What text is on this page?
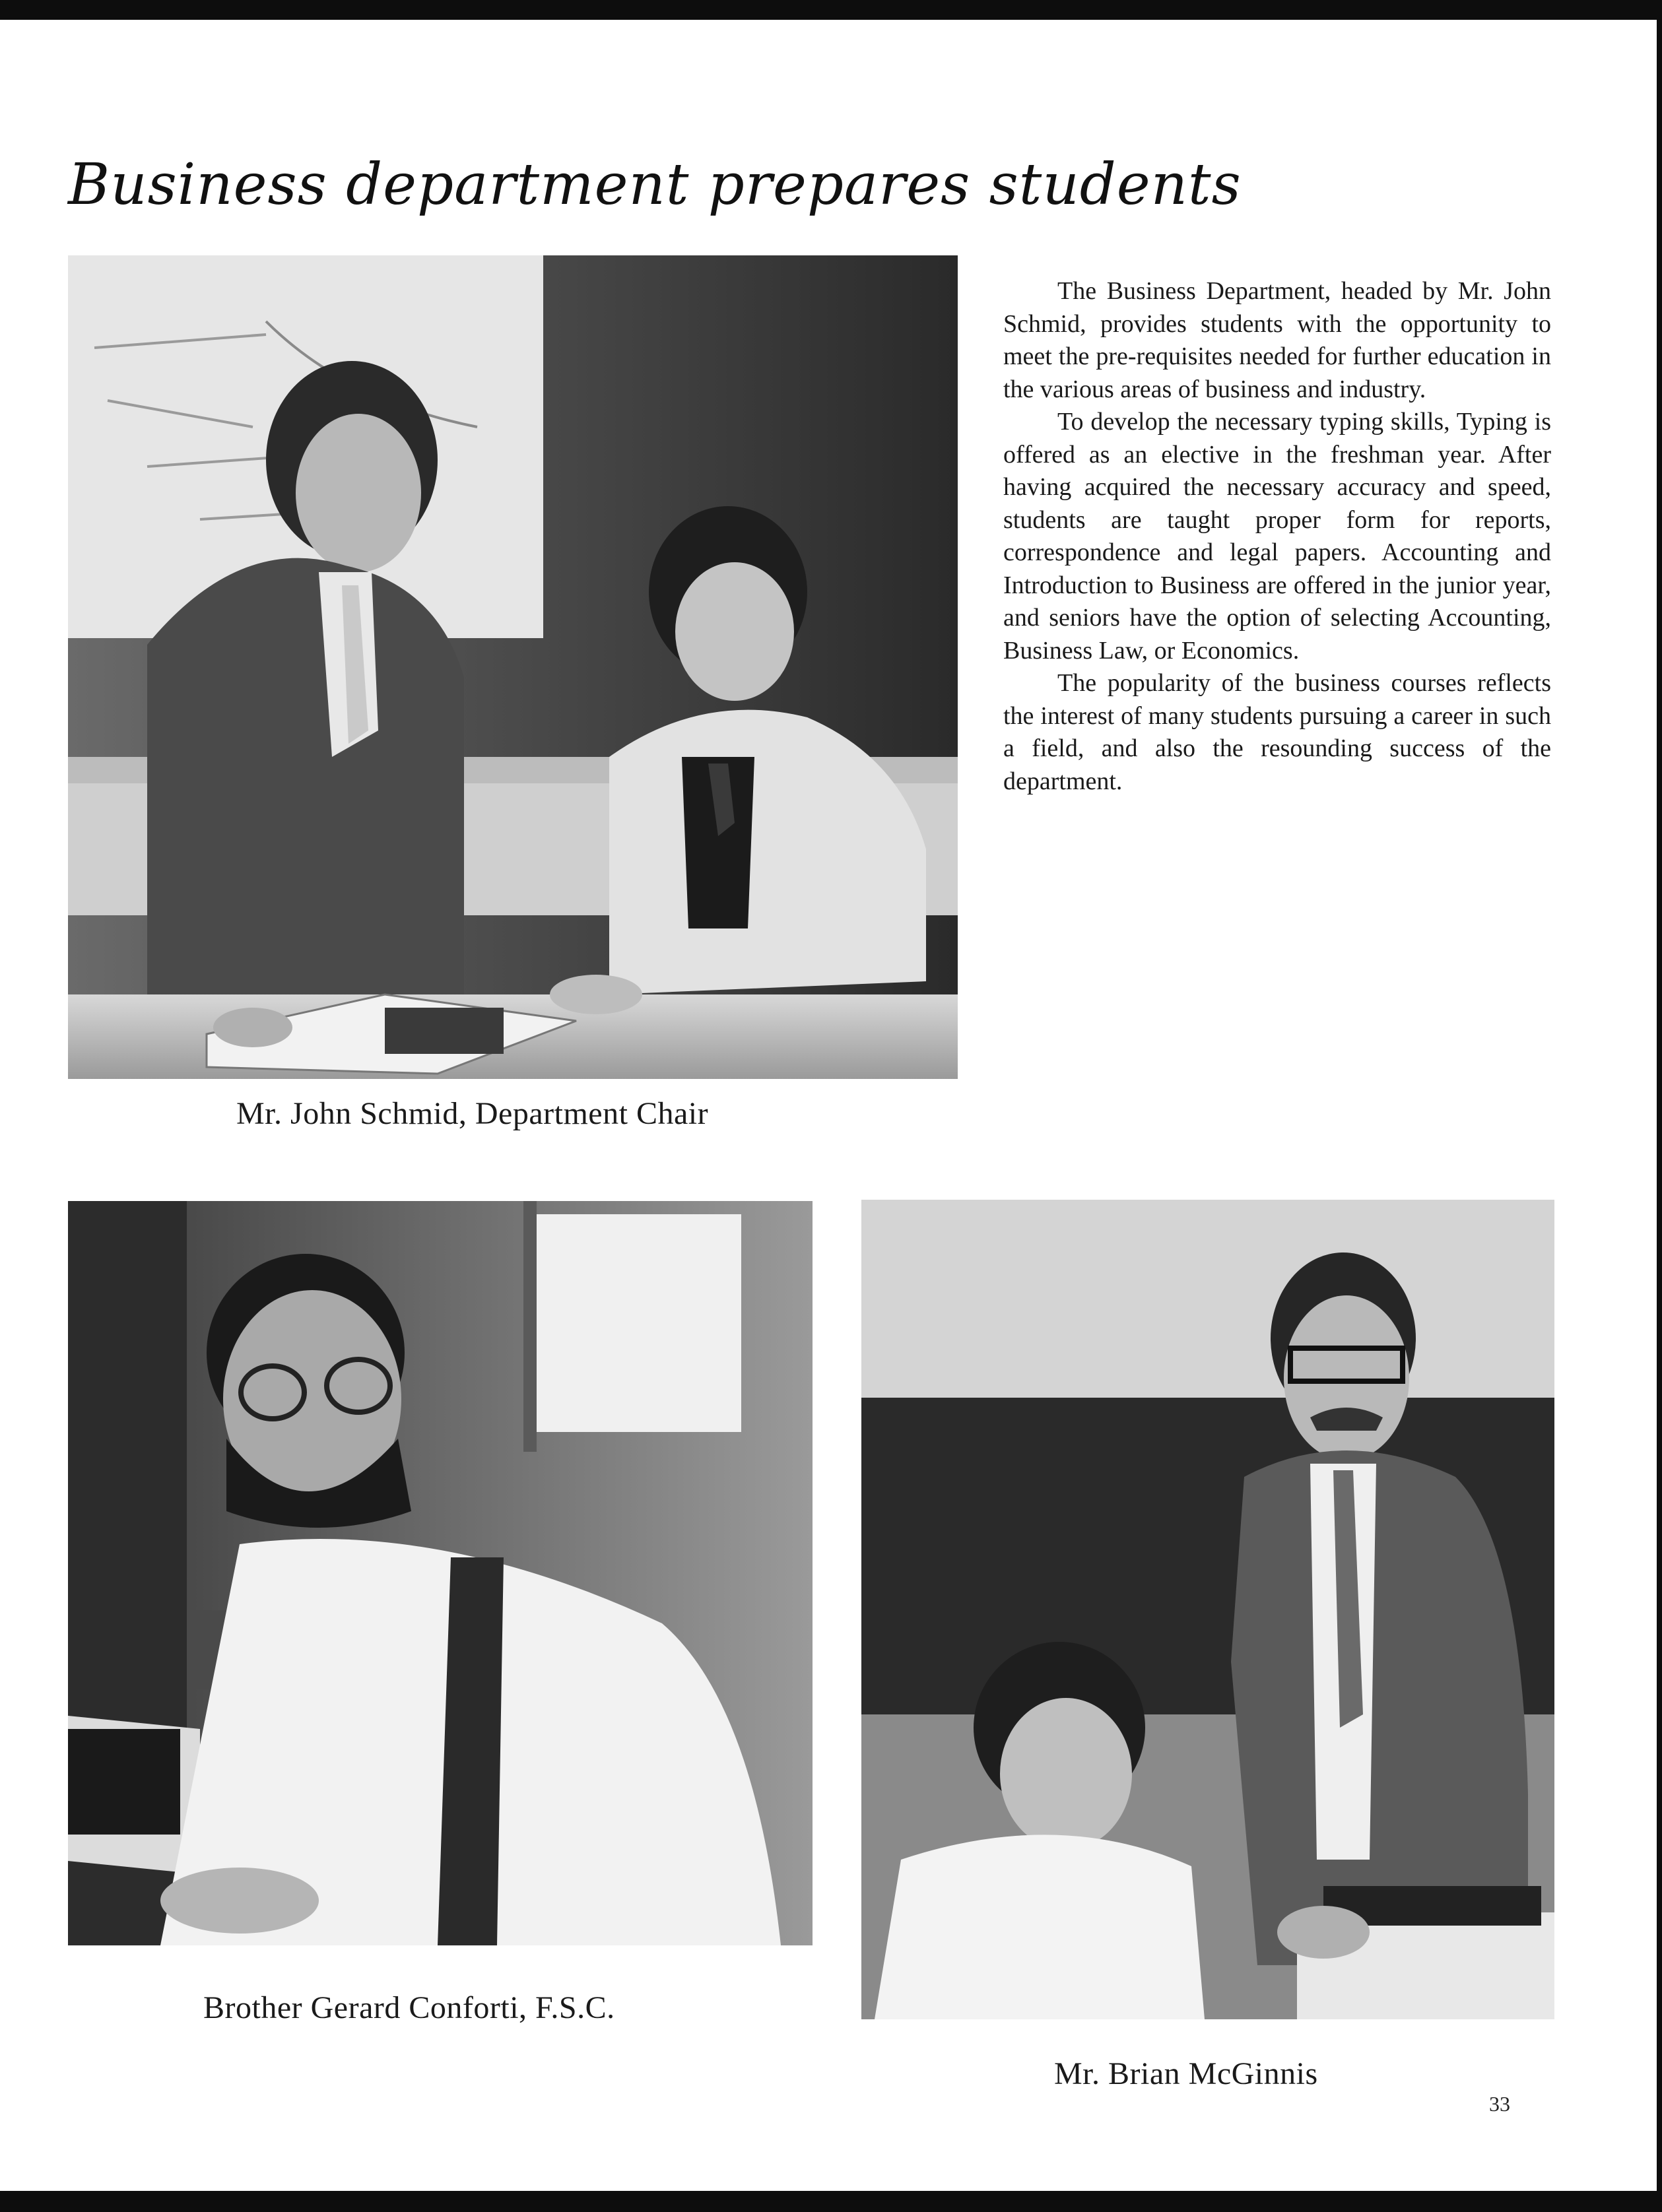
Business department prepares students
Mr. John Schmid, Department Chair

The Business Department, headed by Mr. John Schmid, provides students with the opportunity to meet the pre-requisites needed for further education in the various areas of business and industry.

To develop the necessary typing skills, Typing is offered as an elective in the freshman year. After having acquired the necessary accuracy and speed, students are taught proper form for reports, correspondence and legal papers. Accounting and Introduction to Business are offered in the junior year, and seniors have the option of selecting Accounting, Business Law, or Economics.

The popularity of the business courses reflects the interest of many students pursuing a career in such a field, and also the resounding success of the department.

Brother Gerard Conforti, F.S.C.
Mr. Brian McGinnis
33
